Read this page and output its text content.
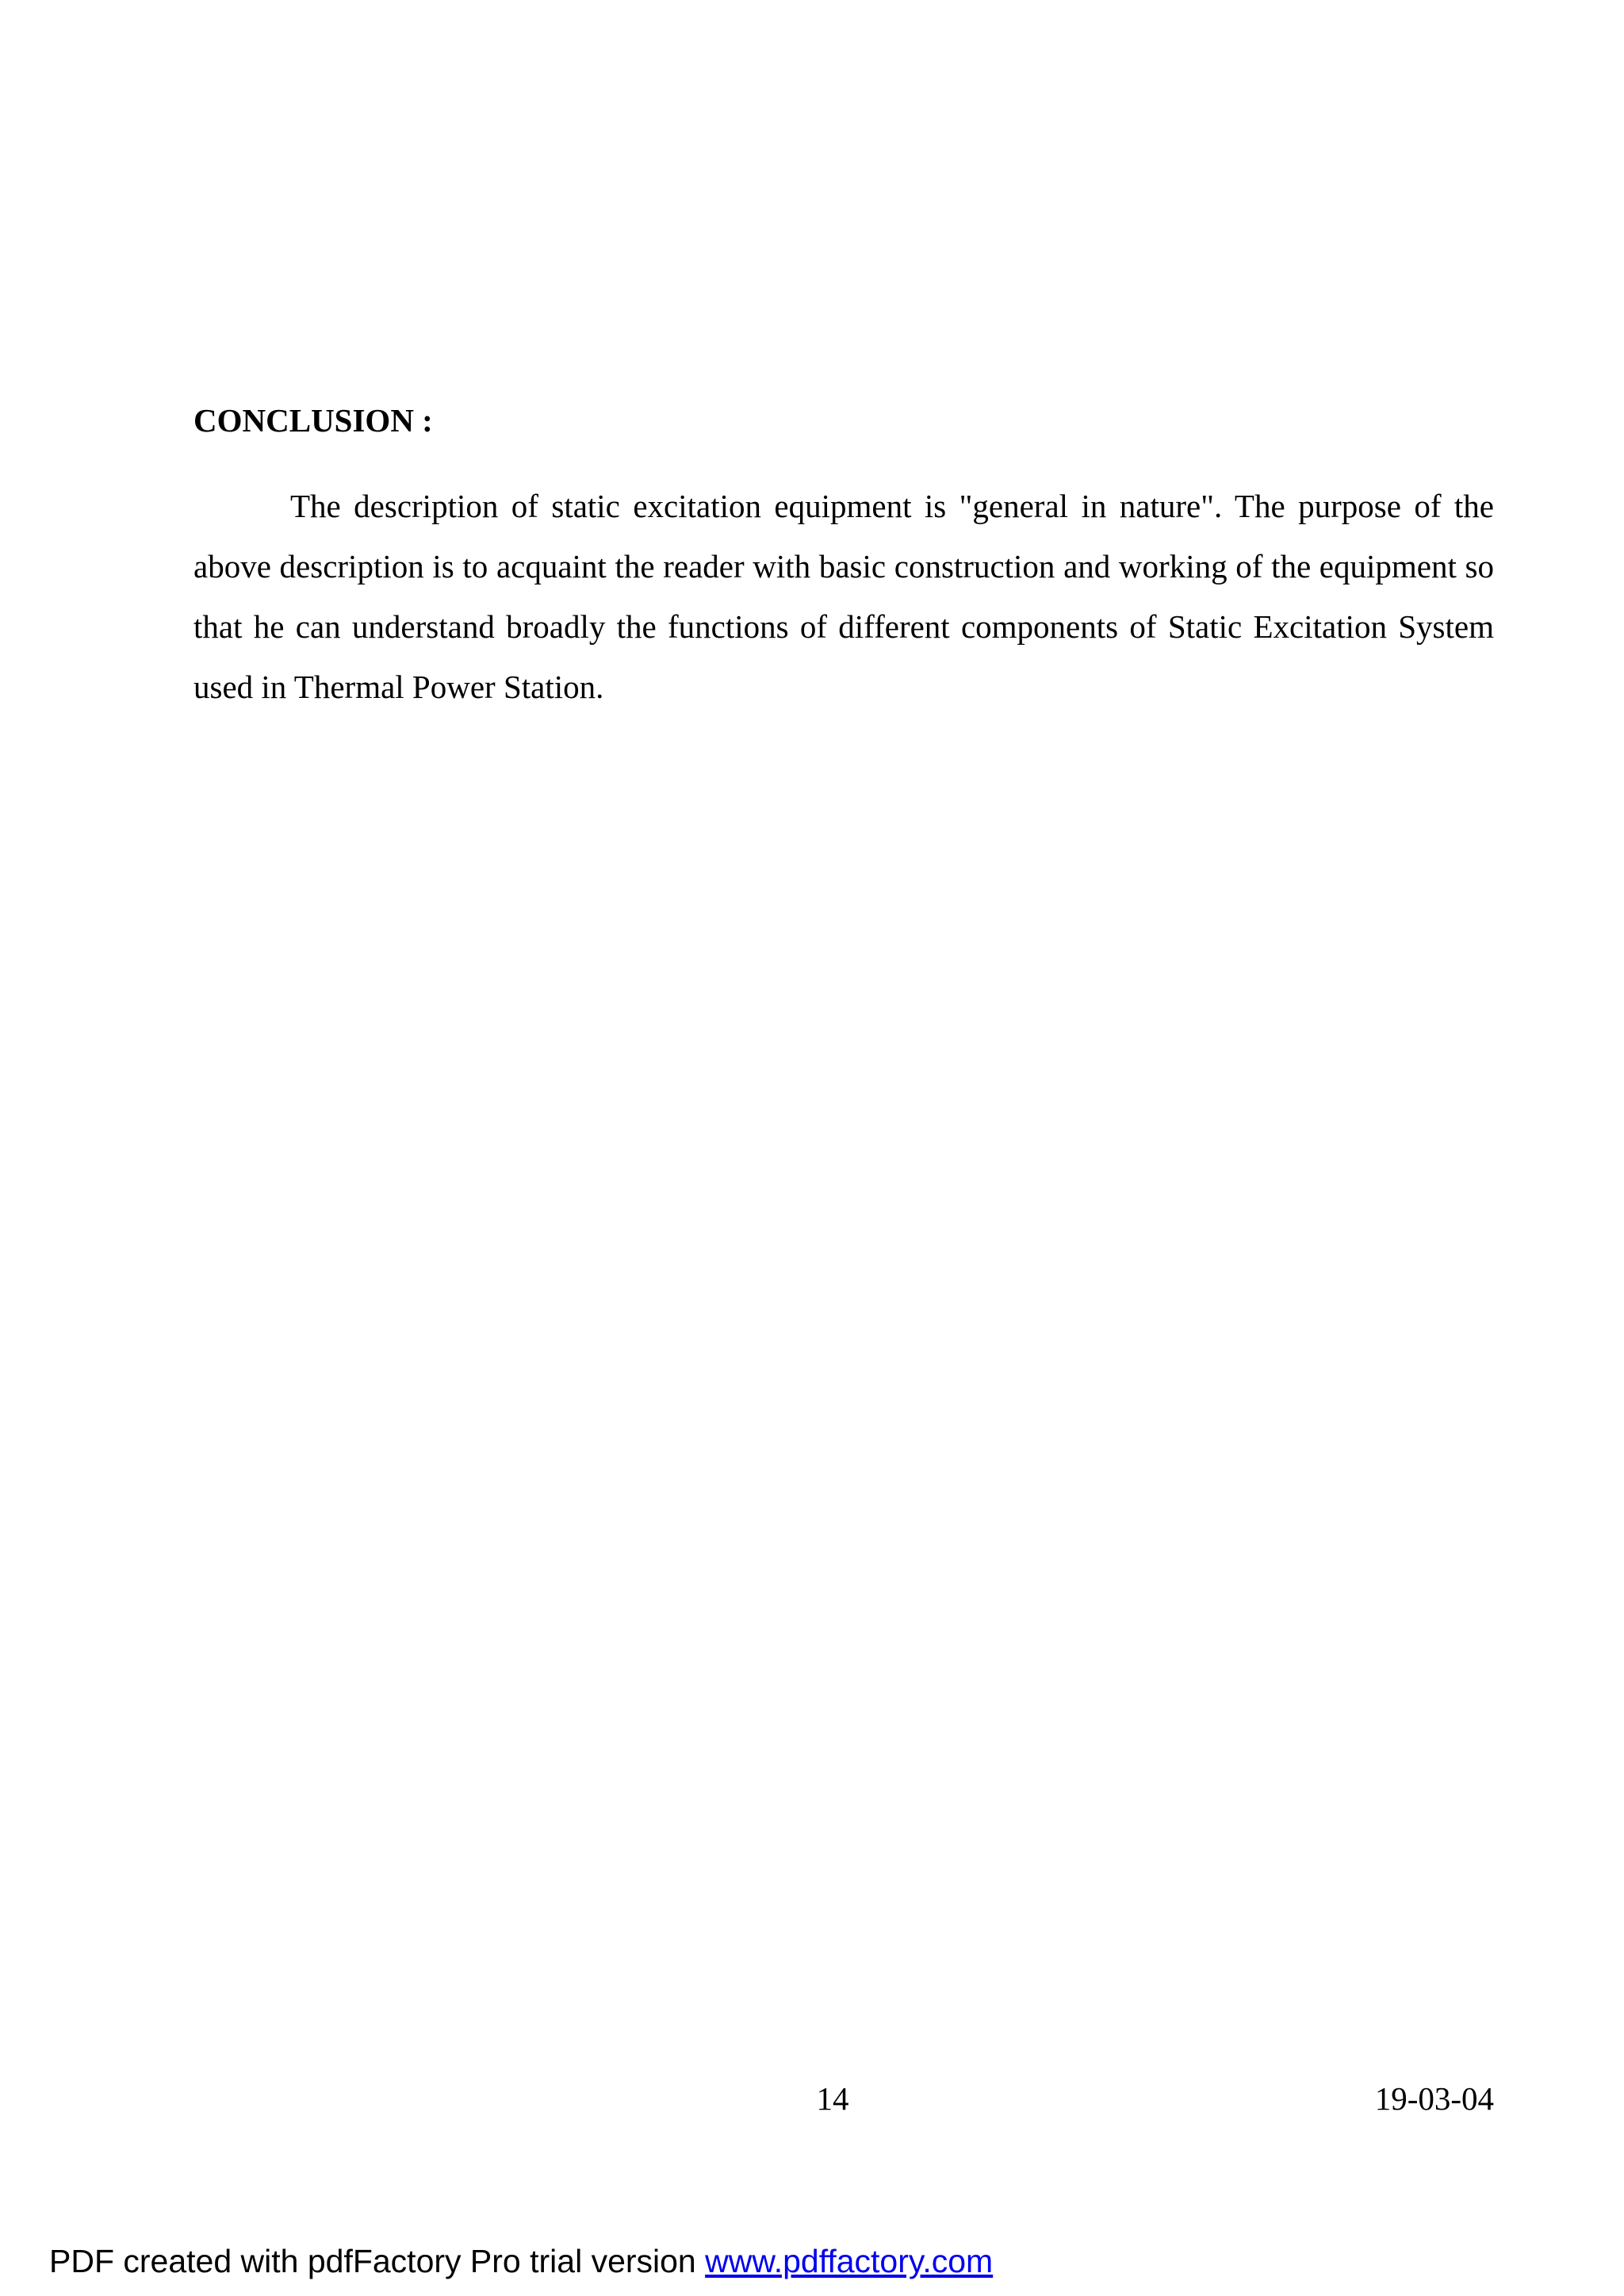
CONCLUSION :

The description of static excitation equipment is "general in nature". The purpose of the above description is to acquaint the reader with basic construction and working of the equipment so that he can understand broadly the functions of different components of Static Excitation System used in Thermal Power Station.

14	19-03-04
PDF created with pdfFactory Pro trial version www.pdffactory.com
